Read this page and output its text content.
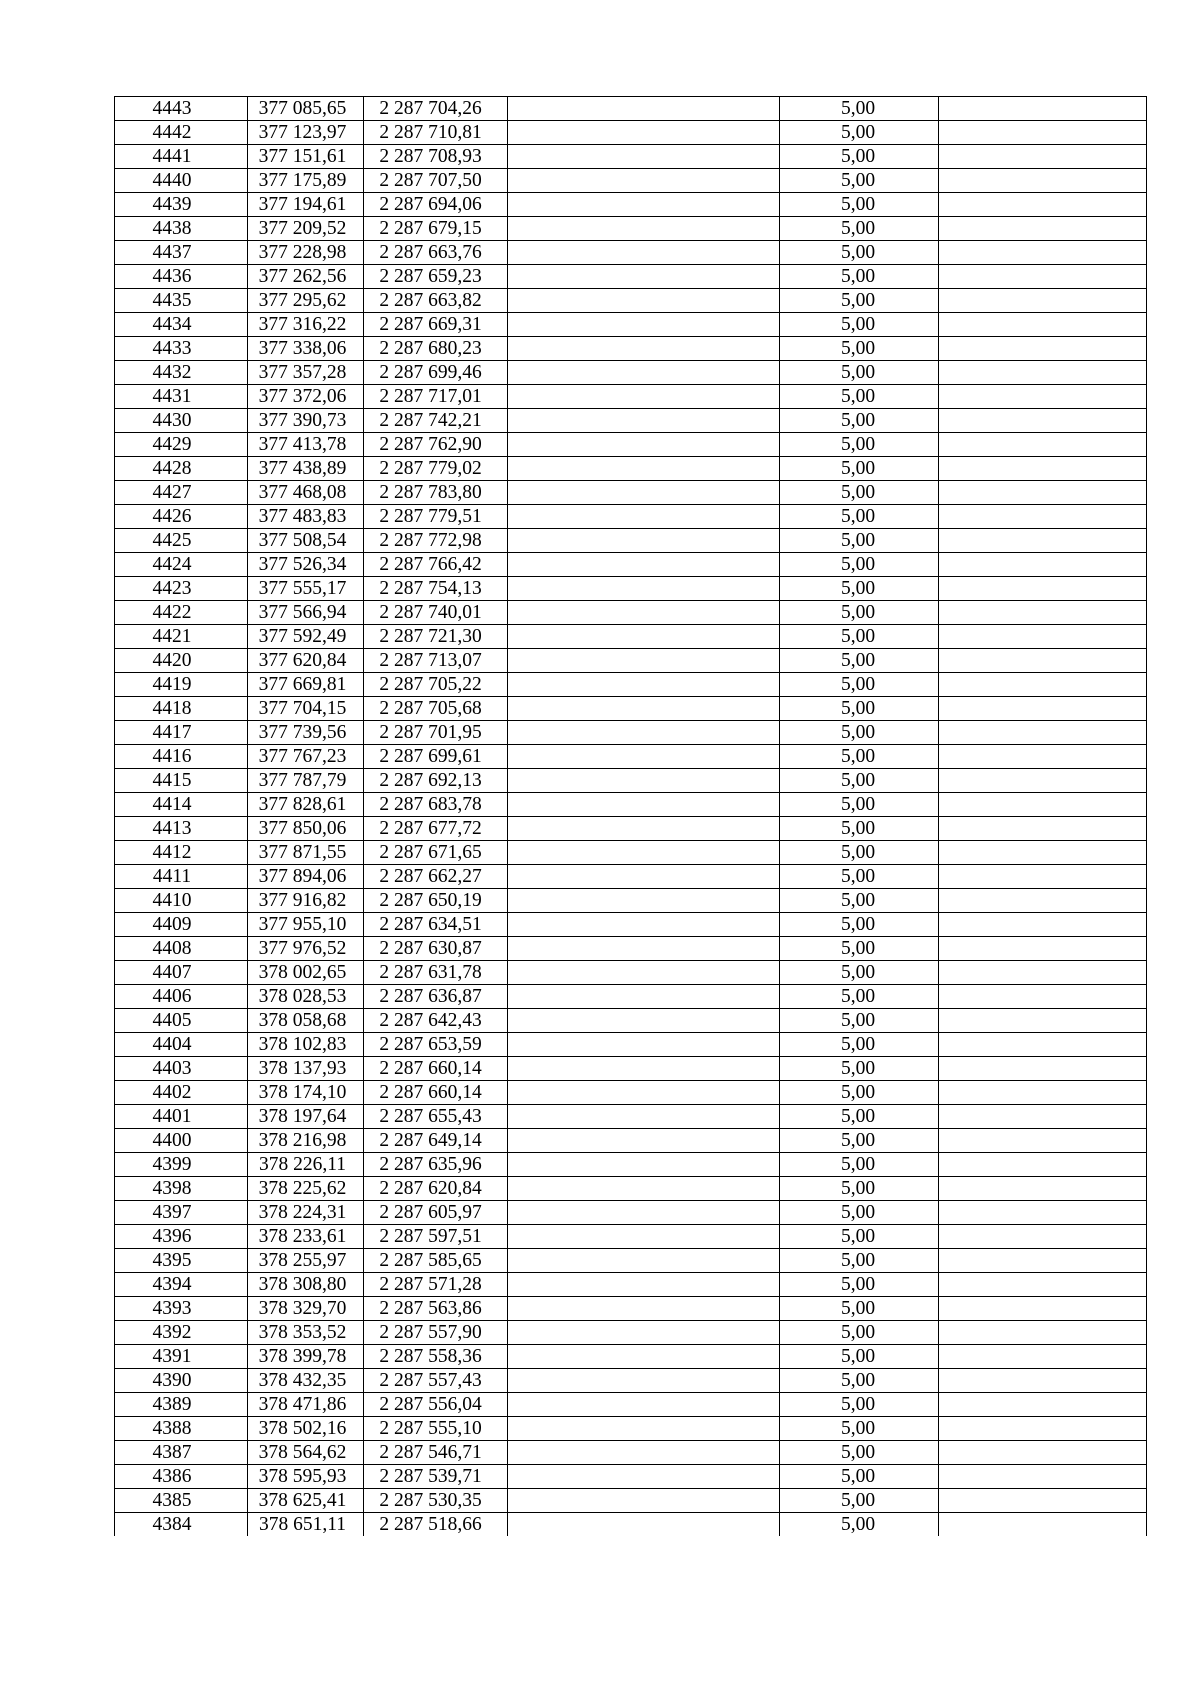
4443	377 085,65	2 287 704,26		5,00	
4442	377 123,97	2 287 710,81		5,00	
4441	377 151,61	2 287 708,93		5,00	
4440	377 175,89	2 287 707,50		5,00	
4439	377 194,61	2 287 694,06		5,00	
4438	377 209,52	2 287 679,15		5,00	
4437	377 228,98	2 287 663,76		5,00	
4436	377 262,56	2 287 659,23		5,00	
4435	377 295,62	2 287 663,82		5,00	
4434	377 316,22	2 287 669,31		5,00	
4433	377 338,06	2 287 680,23		5,00	
4432	377 357,28	2 287 699,46		5,00	
4431	377 372,06	2 287 717,01		5,00	
4430	377 390,73	2 287 742,21		5,00	
4429	377 413,78	2 287 762,90		5,00	
4428	377 438,89	2 287 779,02		5,00	
4427	377 468,08	2 287 783,80		5,00	
4426	377 483,83	2 287 779,51		5,00	
4425	377 508,54	2 287 772,98		5,00	
4424	377 526,34	2 287 766,42		5,00	
4423	377 555,17	2 287 754,13		5,00	
4422	377 566,94	2 287 740,01		5,00	
4421	377 592,49	2 287 721,30		5,00	
4420	377 620,84	2 287 713,07		5,00	
4419	377 669,81	2 287 705,22		5,00	
4418	377 704,15	2 287 705,68		5,00	
4417	377 739,56	2 287 701,95		5,00	
4416	377 767,23	2 287 699,61		5,00	
4415	377 787,79	2 287 692,13		5,00	
4414	377 828,61	2 287 683,78		5,00	
4413	377 850,06	2 287 677,72		5,00	
4412	377 871,55	2 287 671,65		5,00	
4411	377 894,06	2 287 662,27		5,00	
4410	377 916,82	2 287 650,19		5,00	
4409	377 955,10	2 287 634,51		5,00	
4408	377 976,52	2 287 630,87		5,00	
4407	378 002,65	2 287 631,78		5,00	
4406	378 028,53	2 287 636,87		5,00	
4405	378 058,68	2 287 642,43		5,00	
4404	378 102,83	2 287 653,59		5,00	
4403	378 137,93	2 287 660,14		5,00	
4402	378 174,10	2 287 660,14		5,00	
4401	378 197,64	2 287 655,43		5,00	
4400	378 216,98	2 287 649,14		5,00	
4399	378 226,11	2 287 635,96		5,00	
4398	378 225,62	2 287 620,84		5,00	
4397	378 224,31	2 287 605,97		5,00	
4396	378 233,61	2 287 597,51		5,00	
4395	378 255,97	2 287 585,65		5,00	
4394	378 308,80	2 287 571,28		5,00	
4393	378 329,70	2 287 563,86		5,00	
4392	378 353,52	2 287 557,90		5,00	
4391	378 399,78	2 287 558,36		5,00	
4390	378 432,35	2 287 557,43		5,00	
4389	378 471,86	2 287 556,04		5,00	
4388	378 502,16	2 287 555,10		5,00	
4387	378 564,62	2 287 546,71		5,00	
4386	378 595,93	2 287 539,71		5,00	
4385	378 625,41	2 287 530,35		5,00	
4384	378 651,11	2 287 518,66		5,00	
